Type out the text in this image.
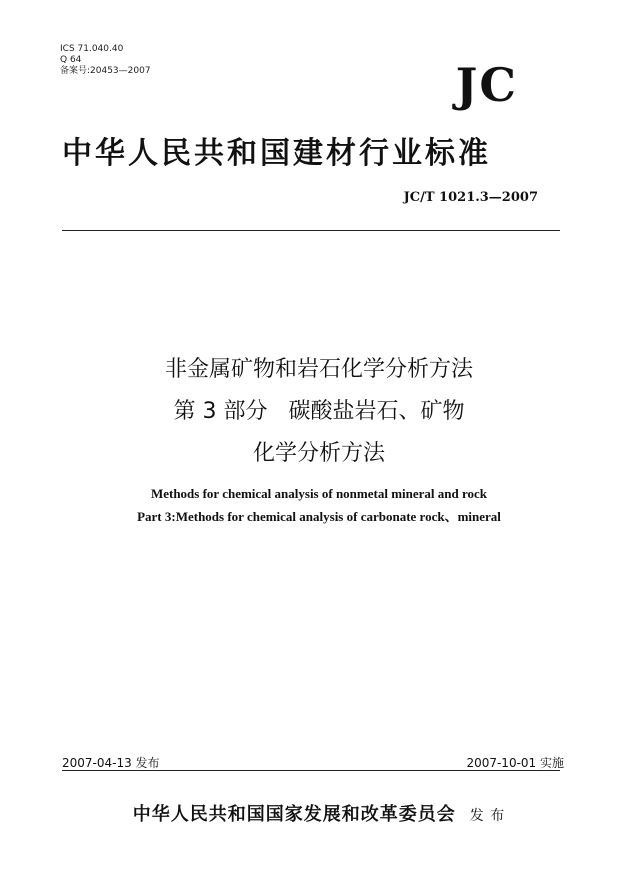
ICS 71.040.40
Q 64
备案号:20453—2007	JC
中华人民共和国建材行业标准
JC/T 1021.3—2007
非金属矿物和岩石化学分析方法
第 3 部分   碳酸盐岩石、矿物
化学分析方法
Methods for chemical analysis of nonmetal mineral and rock
Part 3:Methods for chemical analysis of carbonate rock、mineral
2007-04-13 发布	2007-10-01 实施
中华人民共和国国家发展和改革委员会 发 布
